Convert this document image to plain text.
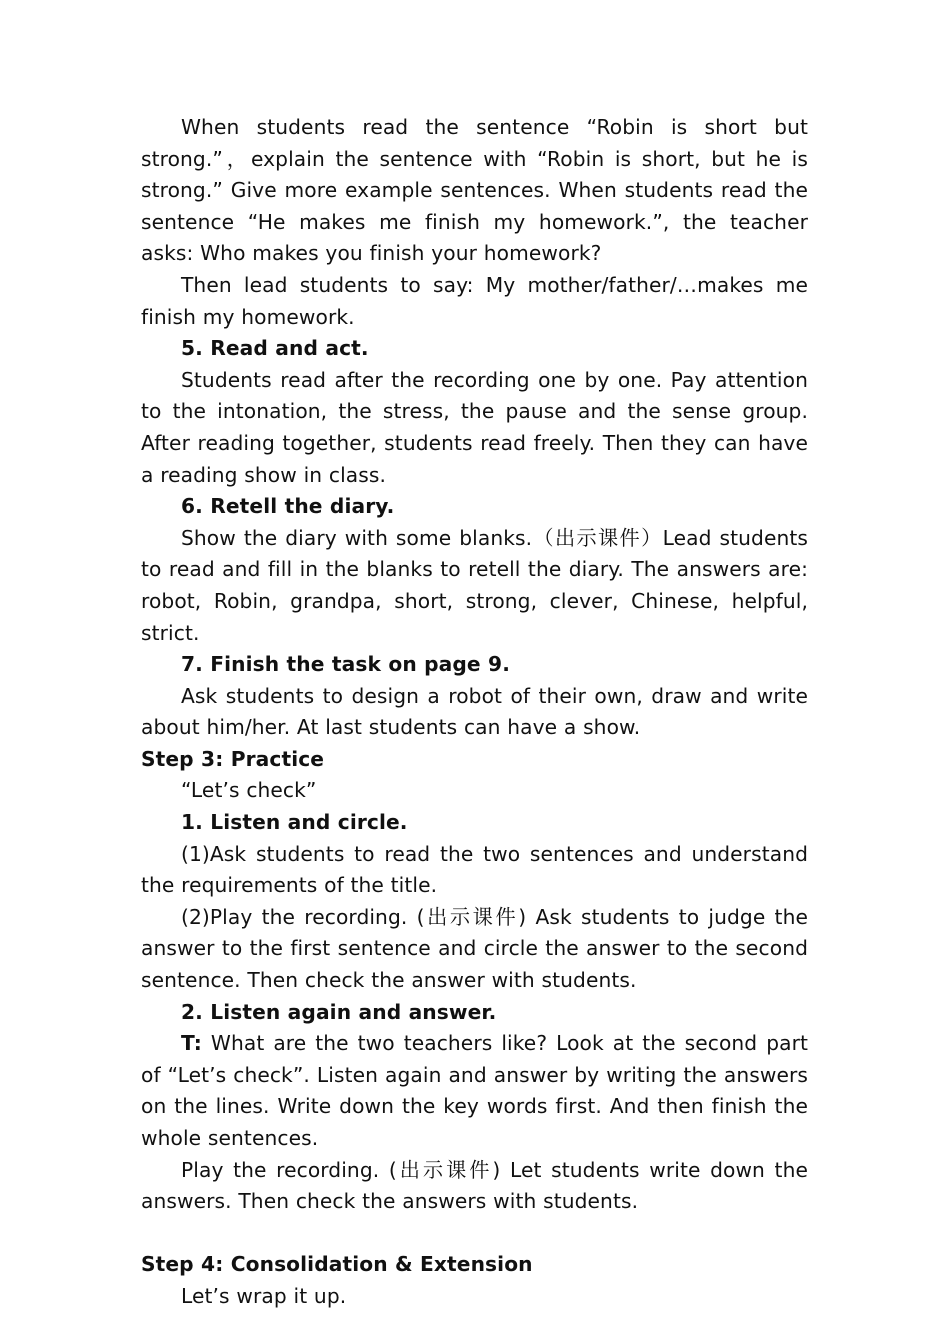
When students read the sentence “Robin is short but strong.”，explain the sentence with “Robin is short, but he is strong.” Give more example sentences. When students read the sentence “He makes me finish my homework.”, the teacher asks: Who makes you finish your homework?

Then lead students to say: My mother/father/…makes me finish my homework.

5. Read and act.

Students read after the recording one by one. Pay attention to the intonation, the stress, the pause and the sense group. After reading together, students read freely. Then they can have a reading show in class.

6. Retell the diary.

Show the diary with some blanks.（出示课件）Lead students to read and fill in the blanks to retell the diary. The answers are: robot, Robin, grandpa, short, strong, clever, Chinese, helpful, strict.

7. Finish the task on page 9.

Ask students to design a robot of their own, draw and write about him/her. At last students can have a show.

Step 3: Practice

“Let’s check”

1. Listen and circle.

(1)Ask students to read the two sentences and understand the requirements of the title.

(2)Play the recording. (出示课件) Ask students to judge the answer to the first sentence and circle the answer to the second sentence. Then check the answer with students.

2. Listen again and answer.

T: What are the two teachers like? Look at the second part of “Let’s check”. Listen again and answer by writing the answers on the lines. Write down the key words first. And then finish the whole sentences.

Play the recording. (出示课件) Let students write down the answers. Then check the answers with students.

Step 4: Consolidation & Extension

Let’s wrap it up.
